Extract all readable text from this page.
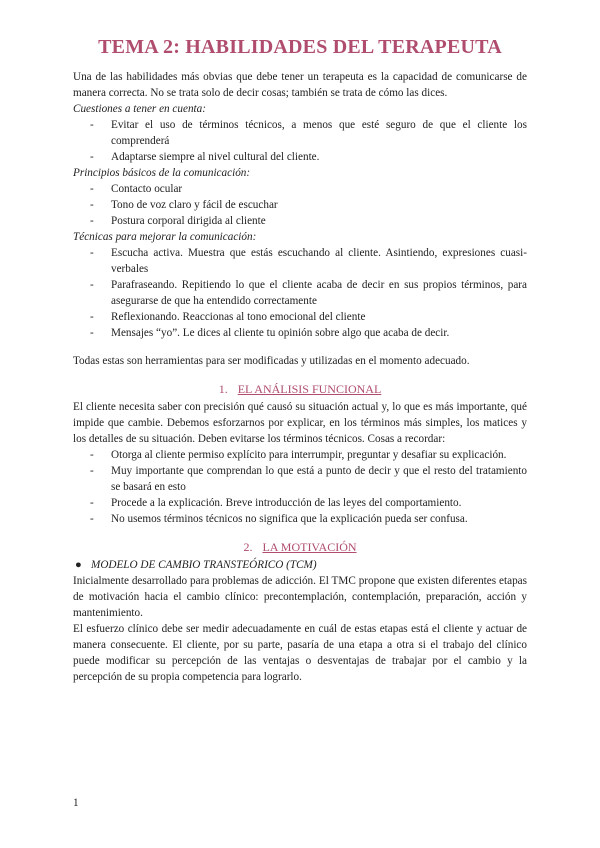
TEMA 2: HABILIDADES DEL TERAPEUTA

Una de las habilidades más obvias que debe tener un terapeuta es la capacidad de comunicarse de manera correcta. No se trata solo de decir cosas; también se trata de cómo las dices.

Cuestiones a tener en cuenta:
- Evitar el uso de términos técnicos, a menos que esté seguro de que el cliente los comprenderá
- Adaptarse siempre al nivel cultural del cliente.
Principios básicos de la comunicación:
- Contacto ocular
- Tono de voz claro y fácil de escuchar
- Postura corporal dirigida al cliente
Técnicas para mejorar la comunicación:
- Escucha activa. Muestra que estás escuchando al cliente. Asintiendo, expresiones cuasi-verbales
- Parafraseando. Repitiendo lo que el cliente acaba de decir en sus propios términos, para asegurarse de que ha entendido correctamente
- Reflexionando. Reaccionas al tono emocional del cliente
- Mensajes “yo”. Le dices al cliente tu opinión sobre algo que acaba de decir.

Todas estas son herramientas para ser modificadas y utilizadas en el momento adecuado.

1. EL ANÁLISIS FUNCIONAL

El cliente necesita saber con precisión qué causó su situación actual y, lo que es más importante, qué impide que cambie. Debemos esforzarnos por explicar, en los términos más simples, los matices y los detalles de su situación. Deben evitarse los términos técnicos. Cosas a recordar:

- Otorga al cliente permiso explícito para interrumpir, preguntar y desafiar su explicación.
- Muy importante que comprendan lo que está a punto de decir y que el resto del tratamiento se basará en esto
- Procede a la explicación. Breve introducción de las leyes del comportamiento.
- No usemos términos técnicos no significa que la explicación pueda ser confusa.
2. LA MOTIVACIÓN
● MODELO DE CAMBIO TRANSTEÓRICO (TCM)

Inicialmente desarrollado para problemas de adicción. El TMC propone que existen diferentes etapas de motivación hacia el cambio clínico: precontemplación, contemplación, preparación, acción y mantenimiento.

El esfuerzo clínico debe ser medir adecuadamente en cuál de estas etapas está el cliente y actuar de manera consecuente. El cliente, por su parte, pasaría de una etapa a otra si el trabajo del clínico puede modificar su percepción de las ventajas o desventajas de trabajar por el cambio y la percepción de su propia competencia para lograrlo.

1
